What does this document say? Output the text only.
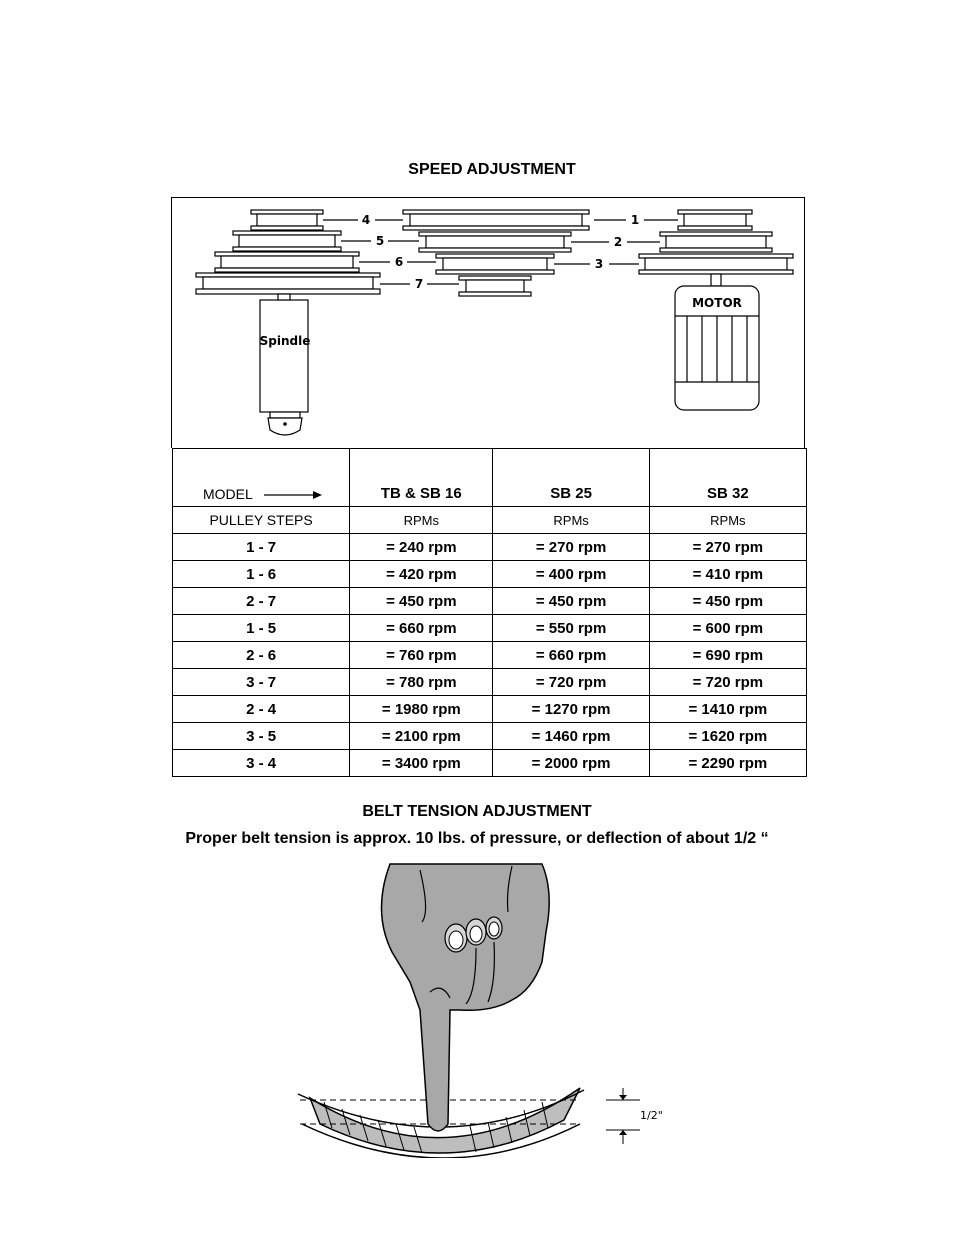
SPEED ADJUSTMENT
4	1
5	2
6	3
7
Spindle
MOTOR
MODEL	TB & SB 16	SB 25	SB 32
PULLEY STEPS	RPMs	RPMs	RPMs
1 - 7	= 240 rpm	= 270 rpm	= 270 rpm
1 - 6	= 420 rpm	= 400 rpm	= 410 rpm
2 - 7	= 450 rpm	= 450 rpm	= 450 rpm
1 - 5	= 660 rpm	= 550 rpm	= 600 rpm
2 - 6	= 760 rpm	= 660 rpm	= 690 rpm
3 - 7	= 780 rpm	= 720 rpm	= 720 rpm
2 - 4	= 1980 rpm	= 1270 rpm	= 1410 rpm
3 - 5	= 2100 rpm	= 1460 rpm	= 1620 rpm
3 - 4	= 3400 rpm	= 2000 rpm	= 2290 rpm
BELT TENSION ADJUSTMENT
Proper belt tension is approx. 10 lbs. of pressure, or deflection of about 1/2 “
1/2"
